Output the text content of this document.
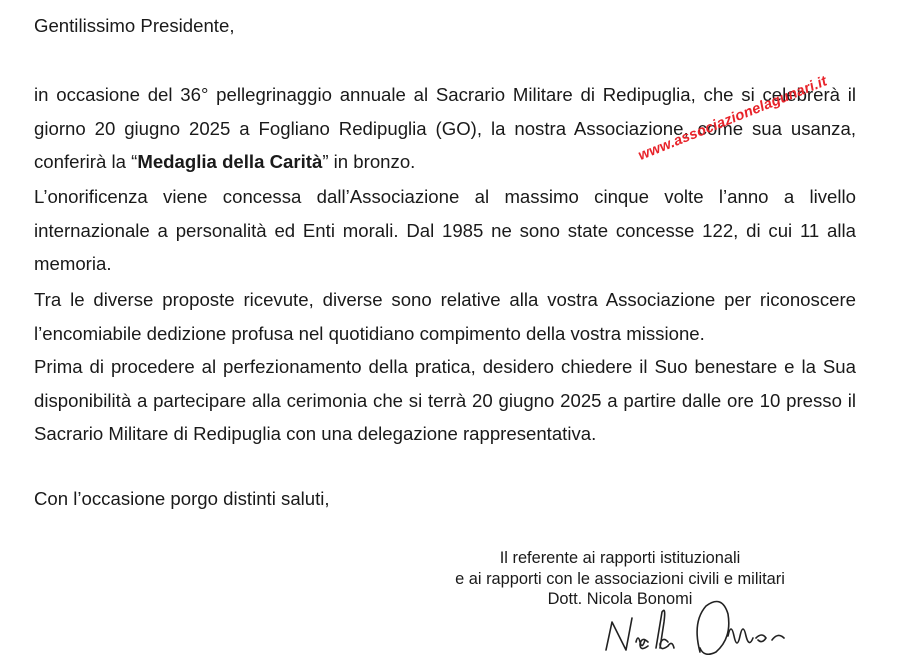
Gentilissimo Presidente,

in occasione del 36° pellegrinaggio annuale al Sacrario Militare di Redipuglia, che si celebrerà il giorno 20 giugno 2025 a Fogliano Redipuglia (GO), la nostra Associazione, come sua usanza, conferirà la “Medaglia della Carità” in bronzo.

L’onorificenza viene concessa dall’Associazione al massimo cinque volte l’anno a livello internazionale a personalità ed Enti morali. Dal 1985 ne sono state concesse 122, di cui 11 alla memoria.

Tra le diverse proposte ricevute, diverse sono relative alla vostra Associazione per riconoscere l’encomiabile dedizione profusa nel quotidiano compimento della vostra missione.

Prima di procedere al perfezionamento della pratica, desidero chiedere il Suo benestare e la Sua disponibilità a partecipare alla cerimonia che si terrà 20 giugno 2025 a partire dalle ore 10 presso il Sacrario Militare di Redipuglia con una delegazione rappresentativa.

Con l’occasione porgo distinti saluti,
Il referente ai rapporti istituzionali
e ai rapporti con le associazioni civili e militari
Dott. Nicola Bonomi
www.associazionelagunari.it
